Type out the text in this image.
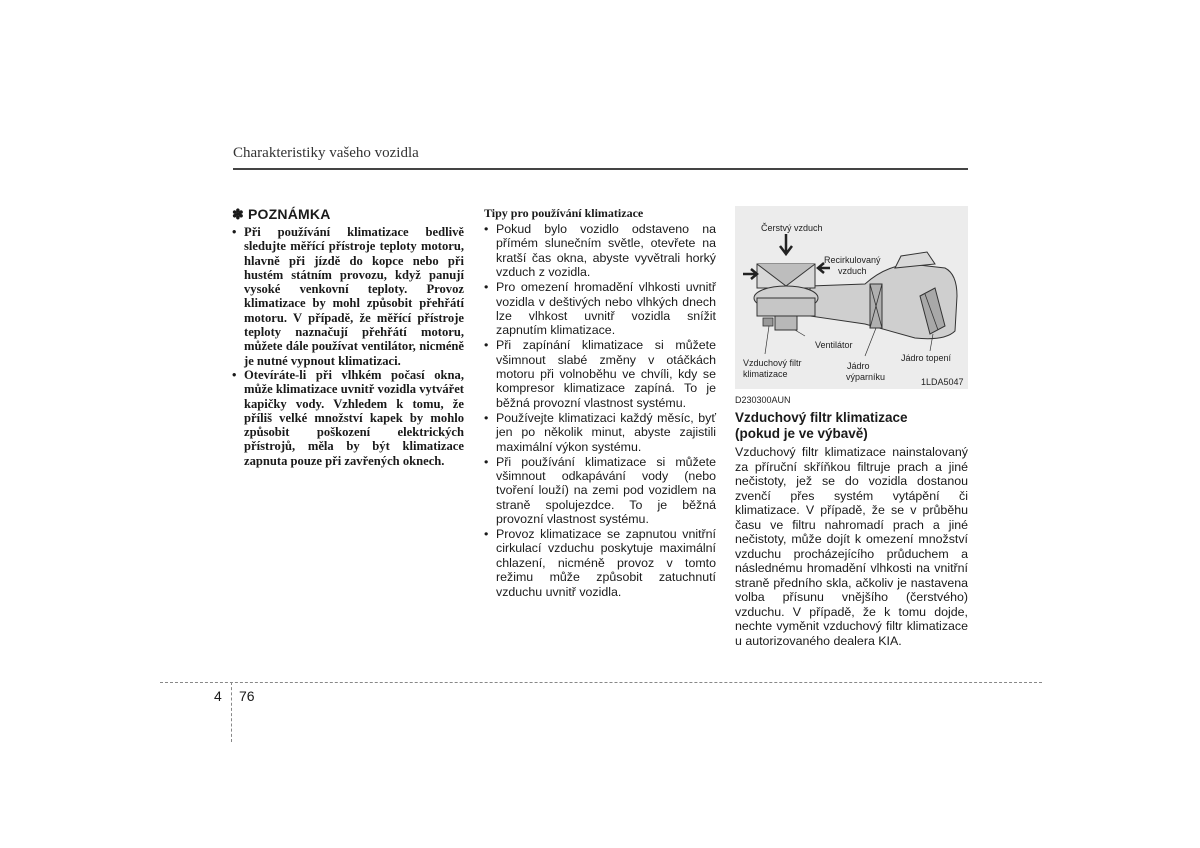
Charakteristiky vašeho vozidla
✽ POZNÁMKA
• Při používání klimatizace bedlivě sledujte měřící přístroje teploty motoru, hlavně při jízdě do kopce nebo při hustém státním provozu, když panují vysoké venkovní teploty. Provoz klimatizace by mohl způsobit přehřátí motoru. V případě, že měřící přístroje teploty naznačují přehřátí motoru, můžete dále používat ventilátor, nicméně je nutné vypnout klimatizaci.
• Otevíráte-li při vlhkém počasí okna, může klimatizace uvnitř vozidla vytvářet kapičky vody. Vzhledem k tomu, že příliš velké množství kapek by mohlo způsobit poškození elektrických přístrojů, měla by být klimatizace zapnuta pouze při zavřených oknech.
Tipy pro používání klimatizace
• Pokud bylo vozidlo odstaveno na přímém slunečním světle, otevřete na kratší čas okna, abyste vyvětrali horký vzduch z vozidla.
• Pro omezení hromadění vlhkosti uvnitř vozidla v deštivých nebo vlhkých dnech lze vlhkost uvnitř vozidla snížit zapnutím klimatizace.
• Při zapínání klimatizace si můžete všimnout slabé změny v otáčkách motoru při volnoběhu ve chvíli, kdy se kompresor klimatizace zapíná. To je běžná provozní vlastnost systému.
• Používejte klimatizaci každý měsíc, byť jen po několik minut, abyste zajistili maximální výkon systému.
• Při používání klimatizace si můžete všimnout odkapávání vody (nebo tvoření louží) na zemi pod vozidlem na straně spolujezdce. To je běžná provozní vlastnost systému.
• Provoz klimatizace se zapnutou vnitřní cirkulací vzduchu poskytuje maximální chlazení, nicméně provoz v tomto režimu může způsobit zatuchnutí vzduchu uvnitř vozidla.
Čerstvý vzduch
Recirkulovaný
vzduch
Ventilátor
Vzduchový filtr
klimatizace
Jádro
výparníku
Jádro topení
1LDA5047
D230300AUN
Vzduchový filtr klimatizace
(pokud je ve výbavě)

Vzduchový filtr klimatizace nainstalovaný za příruční skříňkou filtruje prach a jiné nečistoty, jež se do vozidla dostanou zvenčí přes systém vytápění či klimatizace. V případě, že se v průběhu času ve filtru nahromadí prach a jiné nečistoty, může dojít k omezení množství vzduchu procházejícího průduchem a následnému hromadění vlhkosti na vnitřní straně předního skla, ačkoliv je nastavena volba přísunu vnějšího (čerstvého) vzduchu. V případě, že k tomu dojde, nechte vyměnit vzduchový filtr klimatizace u autorizovaného dealera KIA.

4 76
